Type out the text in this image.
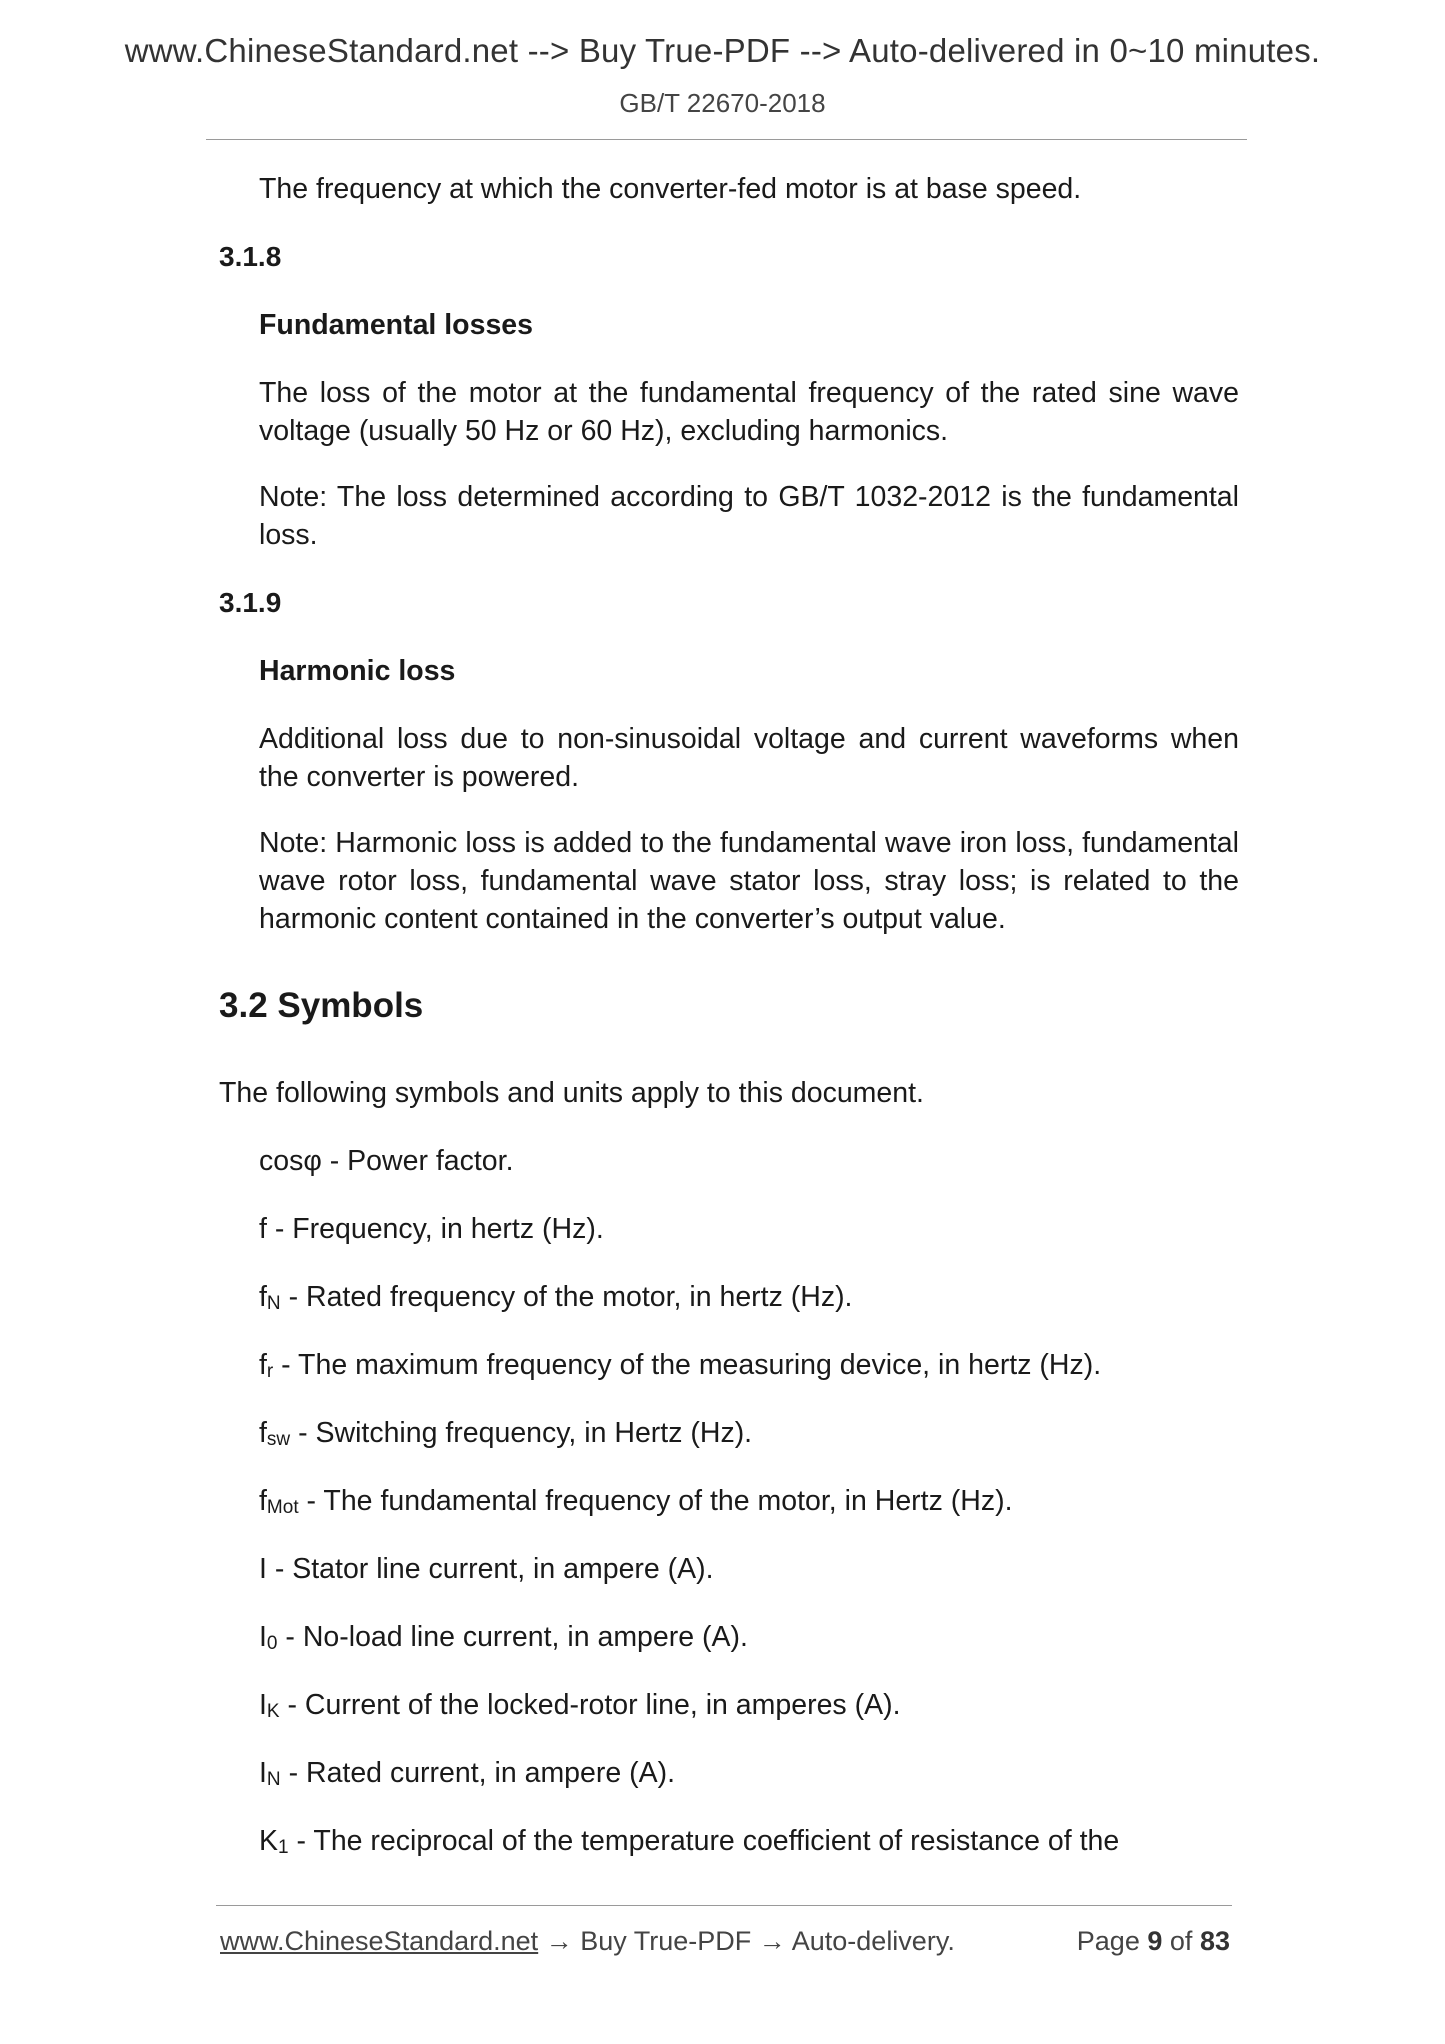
www.ChineseStandard.net --> Buy True-PDF --> Auto-delivered in 0~10 minutes.
GB/T 22670-2018

The frequency at which the converter-fed motor is at base speed.

3.1.8

Fundamental losses

The loss of the motor at the fundamental frequency of the rated sine wave voltage (usually 50 Hz or 60 Hz), excluding harmonics.

Note: The loss determined according to GB/T 1032-2012 is the fundamental loss.

3.1.9

Harmonic loss

Additional loss due to non-sinusoidal voltage and current waveforms when the converter is powered.

Note: Harmonic loss is added to the fundamental wave iron loss, fundamental wave rotor loss, fundamental wave stator loss, stray loss; is related to the harmonic content contained in the converter’s output value.

3.2 Symbols

The following symbols and units apply to this document.

cosφ - Power factor.

f - Frequency, in hertz (Hz).

$f_N$ - Rated frequency of the motor, in hertz (Hz).

$f_r$ - The maximum frequency of the measuring device, in hertz (Hz).

$f_{sw}$ - Switching frequency, in Hertz (Hz).

$f_{Mot}$ - The fundamental frequency of the motor, in Hertz (Hz).

I - Stator line current, in ampere (A).

$I_0$ - No-load line current, in ampere (A).

$I_K$ - Current of the locked-rotor line, in amperes (A).

$I_N$ - Rated current, in ampere (A).

$K_1$ - The reciprocal of the temperature coefficient of resistance of the

www.ChineseStandard.net → Buy True-PDF → Auto-delivery.	Page 9 of 83
